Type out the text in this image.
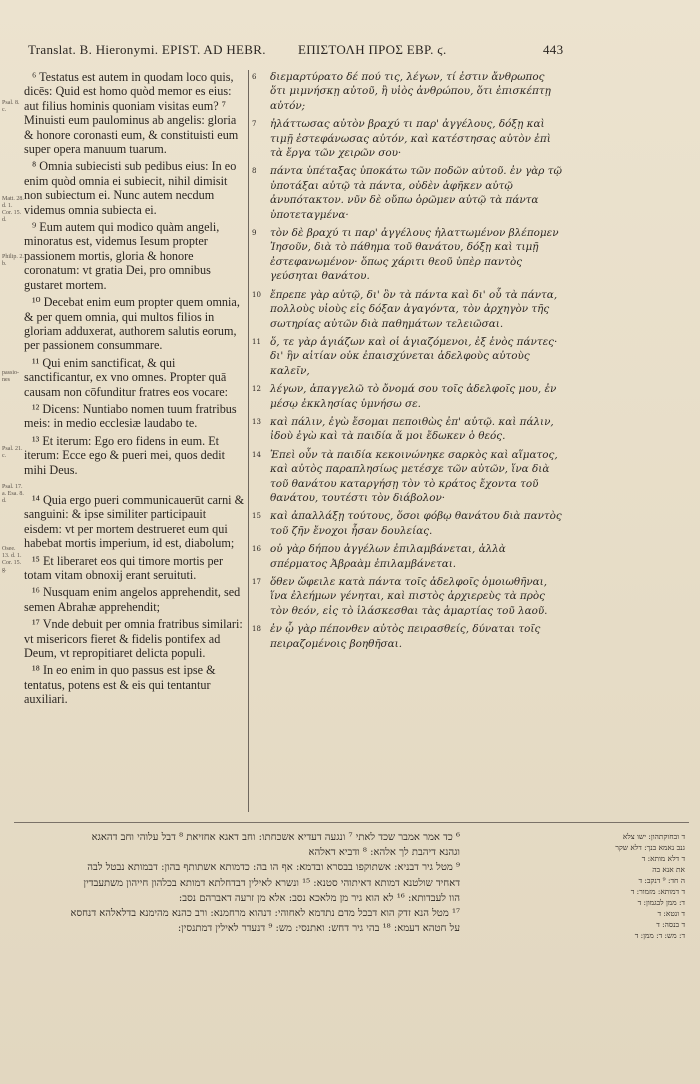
Translat. B. Hieronymi. EPIST. AD HEBR. ΕΠΙΣΤΟΛΗ ΠΡΟΣ ΕΒΡ. ϛ.	443
Psal. 8. c.
Matt. 28. d. 1. Cor. 15. d.
Philip. 2. b.
passio- nes
Psal. 21. c.
Psal. 17. a. Esa. 8. d.
Osee. 13. d. 1. Cor. 15. g.

⁶ Testatus est autem in quodam loco quis, dicēs: Quid est homo quòd memor es eius: aut filius hominis quoniam visitas eum? ⁷ Minuisti eum paulominus ab angelis: gloria & honore coronasti eum, & constituisti eum super opera manuum tuarum.

⁸ Omnia subiecisti sub pedibus eius: In eo enim quòd omnia ei subiecit, nihil dimisit non subiectum ei. Nunc autem necdum videmus omnia subiecta ei.

⁹ Eum autem qui modico quàm angeli, minoratus est, videmus Iesum propter passionem mortis, gloria & honore coronatum: vt gratia Dei, pro omnibus gustaret mortem.

¹⁰ Decebat enim eum propter quem omnia, & per quem omnia, qui multos filios in gloriam adduxerat, authorem salutis eorum, per passionem consummare.

¹¹ Qui enim sanctificat, & qui sanctificantur, ex vno omnes. Propter quā causam non cōfunditur fratres eos vocare:

¹² Dicens: Nuntiabo nomen tuum fratribus meis: in medio ecclesiæ laudabo te.

¹³ Et iterum: Ego ero fidens in eum. Et iterum: Ecce ego & pueri mei, quos dedit mihi Deus.

¹⁴ Quia ergo pueri communicauerūt carni & sanguini: & ipse similiter participauit eisdem: vt per mortem destrueret eum qui habebat mortis imperium, id est, diabolum;

¹⁵ Et liberaret eos qui timore mortis per totam vitam obnoxij erant seruituti.

¹⁶ Nusquam enim angelos apprehendit, sed semen Abrahæ apprehendit;

¹⁷ Vnde debuit per omnia fratribus similari: vt misericors fieret & fidelis pontifex ad Deum, vt repropitiaret delicta populi.

¹⁸ In eo enim in quo passus est ipse & tentatus, potens est & eis qui tentantur auxiliari.

6 διεμαρτύρατο δέ πού τις, λέγων, τί ἐστιν ἄνθρωπος ὅτι μιμνήσκῃ αὐτοῦ, ἢ υἱὸς ἀνθρώπου, ὅτι ἐπισκέπτῃ αὐτόν;

7 ἠλάττωσας αὐτὸν βραχύ τι παρ' ἀγγέλους, δόξῃ καὶ τιμῇ ἐστεφάνωσας αὐτόν, καὶ κατέστησας αὐτὸν ἐπὶ τὰ ἔργα τῶν χειρῶν σου·

8 πάντα ὑπέταξας ὑποκάτω τῶν ποδῶν αὐτοῦ. ἐν γὰρ τῷ ὑποτάξαι αὐτῷ τὰ πάντα, οὐδὲν ἀφῆκεν αὐτῷ ἀνυπότακτον. νῦν δὲ οὔπω ὁρῶμεν αὐτῷ τὰ πάντα ὑποτεταγμένα·

9 τὸν δὲ βραχύ τι παρ' ἀγγέλους ἠλαττωμένον βλέπομεν Ἰησοῦν, διὰ τὸ πάθημα τοῦ θανάτου, δόξῃ καὶ τιμῇ ἐστεφανωμένον· ὅπως χάριτι θεοῦ ὑπὲρ παντὸς γεύσηται θανάτου.

10 ἔπρεπε γὰρ αὐτῷ, δι' ὃν τὰ πάντα καὶ δι' οὗ τὰ πάντα, πολλοὺς υἱοὺς εἰς δόξαν ἀγαγόντα, τὸν ἀρχηγὸν τῆς σωτηρίας αὐτῶν διὰ παθημάτων τελειῶσαι.

11 ὅ, τε γὰρ ἁγιάζων καὶ οἱ ἁγιαζόμενοι, ἐξ ἑνὸς πάντες· δι' ἣν αἰτίαν οὐκ ἐπαισχύνεται ἀδελφοὺς αὐτοὺς καλεῖν,

12 λέγων, ἀπαγγελῶ τὸ ὄνομά σου τοῖς ἀδελφοῖς μου, ἐν μέσῳ ἐκκλησίας ὑμνήσω σε.

13 καὶ πάλιν, ἐγὼ ἔσομαι πεποιθὼς ἐπ' αὐτῷ. καὶ πάλιν, ἰδοὺ ἐγὼ καὶ τὰ παιδία ἅ μοι ἔδωκεν ὁ θεός.

14 Ἐπεὶ οὖν τὰ παιδία κεκοινώνηκε σαρκὸς καὶ αἵματος, καὶ αὐτὸς παραπλησίως μετέσχε τῶν αὐτῶν, ἵνα διὰ τοῦ θανάτου καταργήσῃ τὸν τὸ κράτος ἔχοντα τοῦ θανάτου, τουτέστι τὸν διάβολον·

15 καὶ ἀπαλλάξῃ τούτους, ὅσοι φόβῳ θανάτου διὰ παντὸς τοῦ ζῆν ἔνοχοι ἦσαν δουλείας.

16 οὐ γὰρ δήπου ἀγγέλων ἐπιλαμβάνεται, ἀλλὰ σπέρματος Ἀβραὰμ ἐπιλαμβάνεται.

17 ὅθεν ὤφειλε κατὰ πάντα τοῖς ἀδελφοῖς ὁμοιωθῆναι, ἵνα ἐλεήμων γένηται, καὶ πιστὸς ἀρχιερεὺς τὰ πρὸς τὸν θεόν, εἰς τὸ ἱλάσκεσθαι τὰς ἁμαρτίας τοῦ λαοῦ.

18 ἐν ᾧ γὰρ πέπονθεν αὐτὸς πειρασθείς, δύναται τοῖς πειραζομένοις βοηθῆσαι.

⁶ כד אמר אמבר שכד לאתי ⁷ ונגעה דעדיא אשכחתו: וחב דאגא אחזיאת ⁸ דבל עלוהי וחב דהאגא

וגהנא דיהבת לך אלהא: ⁸ ודביא דאלהא

⁹ מטל גיר דבניא: אשתוקפו בבסרא ובדמא: אף הו בה: כדמותא אשתותף בהון: דבמותא נבטל לבה

דאחיד שולטנא דמותא דאיתוהי סטנא: ¹⁵ ונשרא לאילין דבדחלתא דמותא בכלהון חייהון משתעבדין

הוו לעבדותא: ¹⁶ לא הוא גיר מן מלאכא נסב: אלא מן זרעה דאברהם נסב:

¹⁷ מטל הנא זדק הוא דבכל מדם נתדמא לאחוהי: דנהוא מרחמנא: ורב כהנא מהימנא בדלאלהא דנחסא

על חטהא דעמא: ¹⁸ בהי גיר דחש: ואתנסי: מש: ⁹ דנעדר לאילין דמתנסין:

ד ובחוקתהון: ישו צלא

גנב נאמא בנך: דלא שקר

ד דלא מותא: ד

את אנא בה

ה חד: ⁹ דנקב: ד

ד דמותא: מזמור: ד

ד: ממן לבגמון: ד

ד ונטא: ד

ד בנסה: ד

ד: מש: ד: ממן: ד
